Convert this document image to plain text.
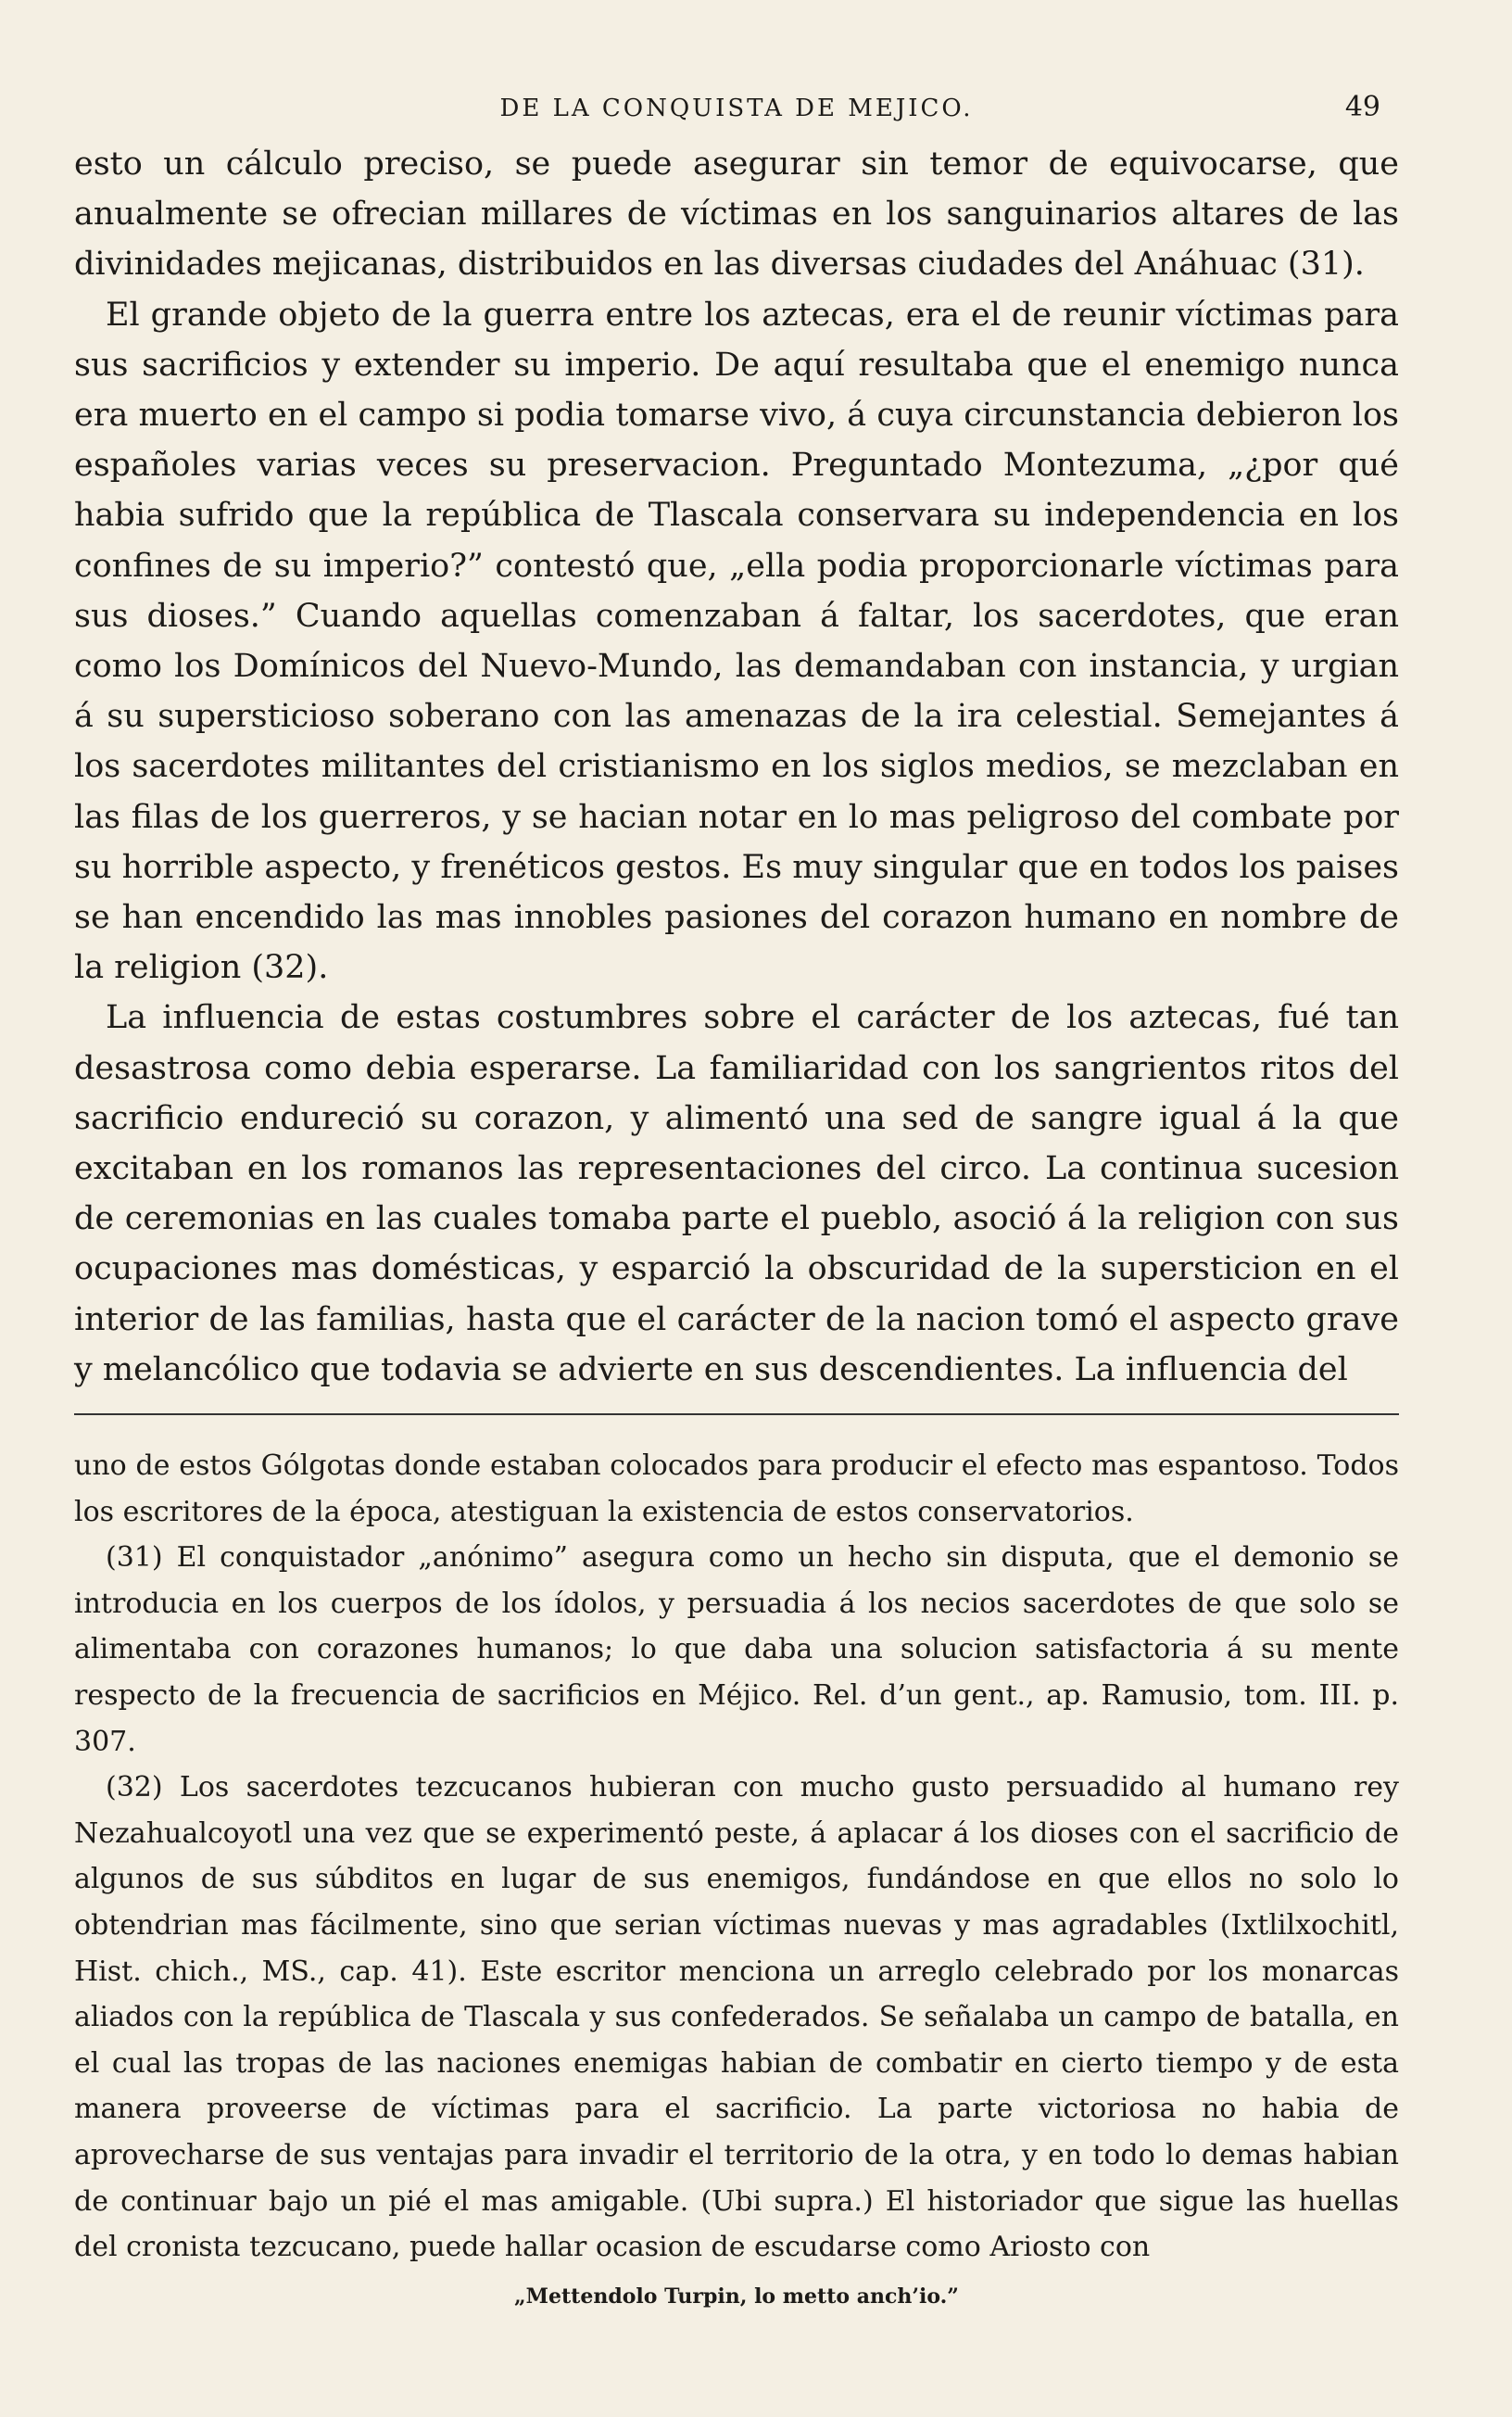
DE LA CONQUISTA DE MEJICO.	49

esto un cálculo preciso, se puede asegurar sin temor de equivocarse, que anualmente se ofrecian millares de víctimas en los sanguinarios altares de las divinidades mejicanas, distribuidos en las diversas ciudades del Anáhuac (31).

El grande objeto de la guerra entre los aztecas, era el de reunir víctimas para sus sacrificios y extender su imperio. De aquí resultaba que el enemigo nunca era muerto en el campo si podia tomarse vivo, á cuya circunstancia debieron los españoles varias veces su preservacion. Preguntado Montezuma, „¿por qué habia sufrido que la república de Tlascala conservara su independencia en los confines de su imperio?” contestó que, „ella podia proporcionarle víctimas para sus dioses.” Cuando aquellas comenzaban á faltar, los sacerdotes, que eran como los Domínicos del Nuevo-Mundo, las demandaban con instancia, y urgian á su supersticioso soberano con las amenazas de la ira celestial. Semejantes á los sacerdotes militantes del cristianismo en los siglos medios, se mezclaban en las filas de los guerreros, y se hacian notar en lo mas peligroso del combate por su horrible aspecto, y frenéticos gestos. Es muy singular que en todos los paises se han encendido las mas innobles pasiones del corazon humano en nombre de la religion (32).

La influencia de estas costumbres sobre el carácter de los aztecas, fué tan desastrosa como debia esperarse. La familiaridad con los sangrientos ritos del sacrificio endureció su corazon, y alimentó una sed de sangre igual á la que excitaban en los romanos las representaciones del circo. La continua sucesion de ceremonias en las cuales tomaba parte el pueblo, asoció á la religion con sus ocupaciones mas domésticas, y esparció la obscuridad de la supersticion en el interior de las familias, hasta que el carácter de la nacion tomó el aspecto grave y melancólico que todavia se advierte en sus descendientes. La influencia del

uno de estos Gólgotas donde estaban colocados para producir el efecto mas espantoso. Todos los escritores de la época, atestiguan la existencia de estos conservatorios.

(31) El conquistador „anónimo” asegura como un hecho sin disputa, que el demonio se introducia en los cuerpos de los ídolos, y persuadia á los necios sacerdotes de que solo se alimentaba con corazones humanos; lo que daba una solucion satisfactoria á su mente respecto de la frecuencia de sacrificios en Méjico. Rel. d’un gent., ap. Ramusio, tom. III. p. 307.

(32) Los sacerdotes tezcucanos hubieran con mucho gusto persuadido al humano rey Nezahualcoyotl una vez que se experimentó peste, á aplacar á los dioses con el sacrificio de algunos de sus súbditos en lugar de sus enemigos, fundándose en que ellos no solo lo obtendrian mas fácilmente, sino que serian víctimas nuevas y mas agradables (Ixtlilxochitl, Hist. chich., MS., cap. 41). Este escritor menciona un arreglo celebrado por los monarcas aliados con la república de Tlascala y sus confederados. Se señalaba un campo de batalla, en el cual las tropas de las naciones enemigas habian de combatir en cierto tiempo y de esta manera proveerse de víctimas para el sacrificio. La parte victoriosa no habia de aprovecharse de sus ventajas para invadir el territorio de la otra, y en todo lo demas habian de continuar bajo un pié el mas amigable. (Ubi supra.) El historiador que sigue las huellas del cronista tezcucano, puede hallar ocasion de escudarse como Ariosto con

„Mettendolo Turpin, lo metto anch’io.”
